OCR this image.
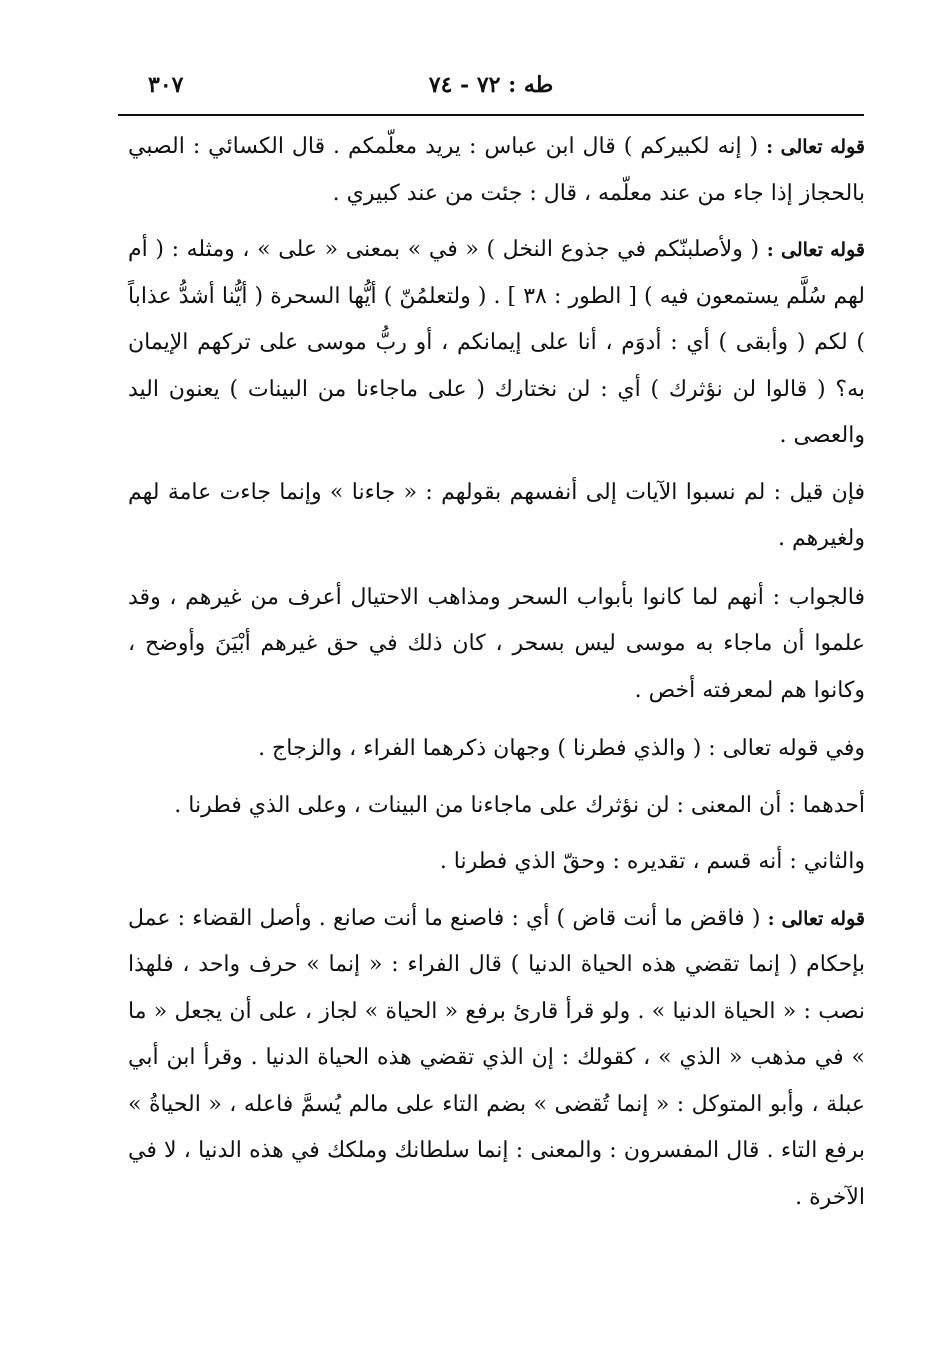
طه : ٧٢ - ٧٤
٣٠٧

قوله تعالى : ( إنه لكبيركم ) قال ابن عباس : يريد معلّمكم . قال الكسائي : الصبي بالحجاز إذا جاء من عند معلّمه ، قال : جئت من عند كبيري .

قوله تعالى : ( ولأصلبنّكم في جذوع النخل ) « في » بمعنى « على » ، ومثله : ( أم لهم سُلَّم يستمعون فيه ) [ الطور : ٣٨ ] . ( ولتعلمُنّ ) أيُّها السحرة ( أيُّنا أشدُّ عذاباً ) لكم ( وأبقى ) أي : أدوَم ، أنا على إيمانكم ، أو ربُّ موسى على تركهم الإيمان به؟ ( قالوا لن نؤثرك ) أي : لن نختارك ( على ماجاءنا من البينات ) يعنون اليد والعصى .

فإن قيل : لم نسبوا الآيات إلى أنفسهم بقولهم : « جاءنا » وإنما جاءت عامة لهم ولغيرهم .

فالجواب : أنهم لما كانوا بأبواب السحر ومذاهب الاحتيال أعرف من غيرهم ، وقد علموا أن ماجاء به موسى ليس بسحر ، كان ذلك في حق غيرهم أبْيَنَ وأوضح ، وكانوا هم لمعرفته أخص .

وفي قوله تعالى : ( والذي فطرنا ) وجهان ذكرهما الفراء ، والزجاج .

أحدهما : أن المعنى : لن نؤثرك على ماجاءنا من البينات ، وعلى الذي فطرنا .

والثاني : أنه قسم ، تقديره : وحقّ الذي فطرنا .

قوله تعالى : ( فاقض ما أنت قاض ) أي : فاصنع ما أنت صانع . وأصل القضاء : عمل بإحكام ( إنما تقضي هذه الحياة الدنيا ) قال الفراء : « إنما » حرف واحد ، فلهذا نصب : « الحياة الدنيا » . ولو قرأ قارئ برفع « الحياة » لجاز ، على أن يجعل « ما » في مذهب « الذي » ، كقولك : إن الذي تقضي هذه الحياة الدنيا . وقرأ ابن أبي عبلة ، وأبو المتوكل : « إنما تُقضى » بضم التاء على مالم يُسمَّ فاعله ، « الحياةُ » برفع التاء . قال المفسرون : والمعنى : إنما سلطانك وملكك في هذه الدنيا ، لا في الآخرة .
